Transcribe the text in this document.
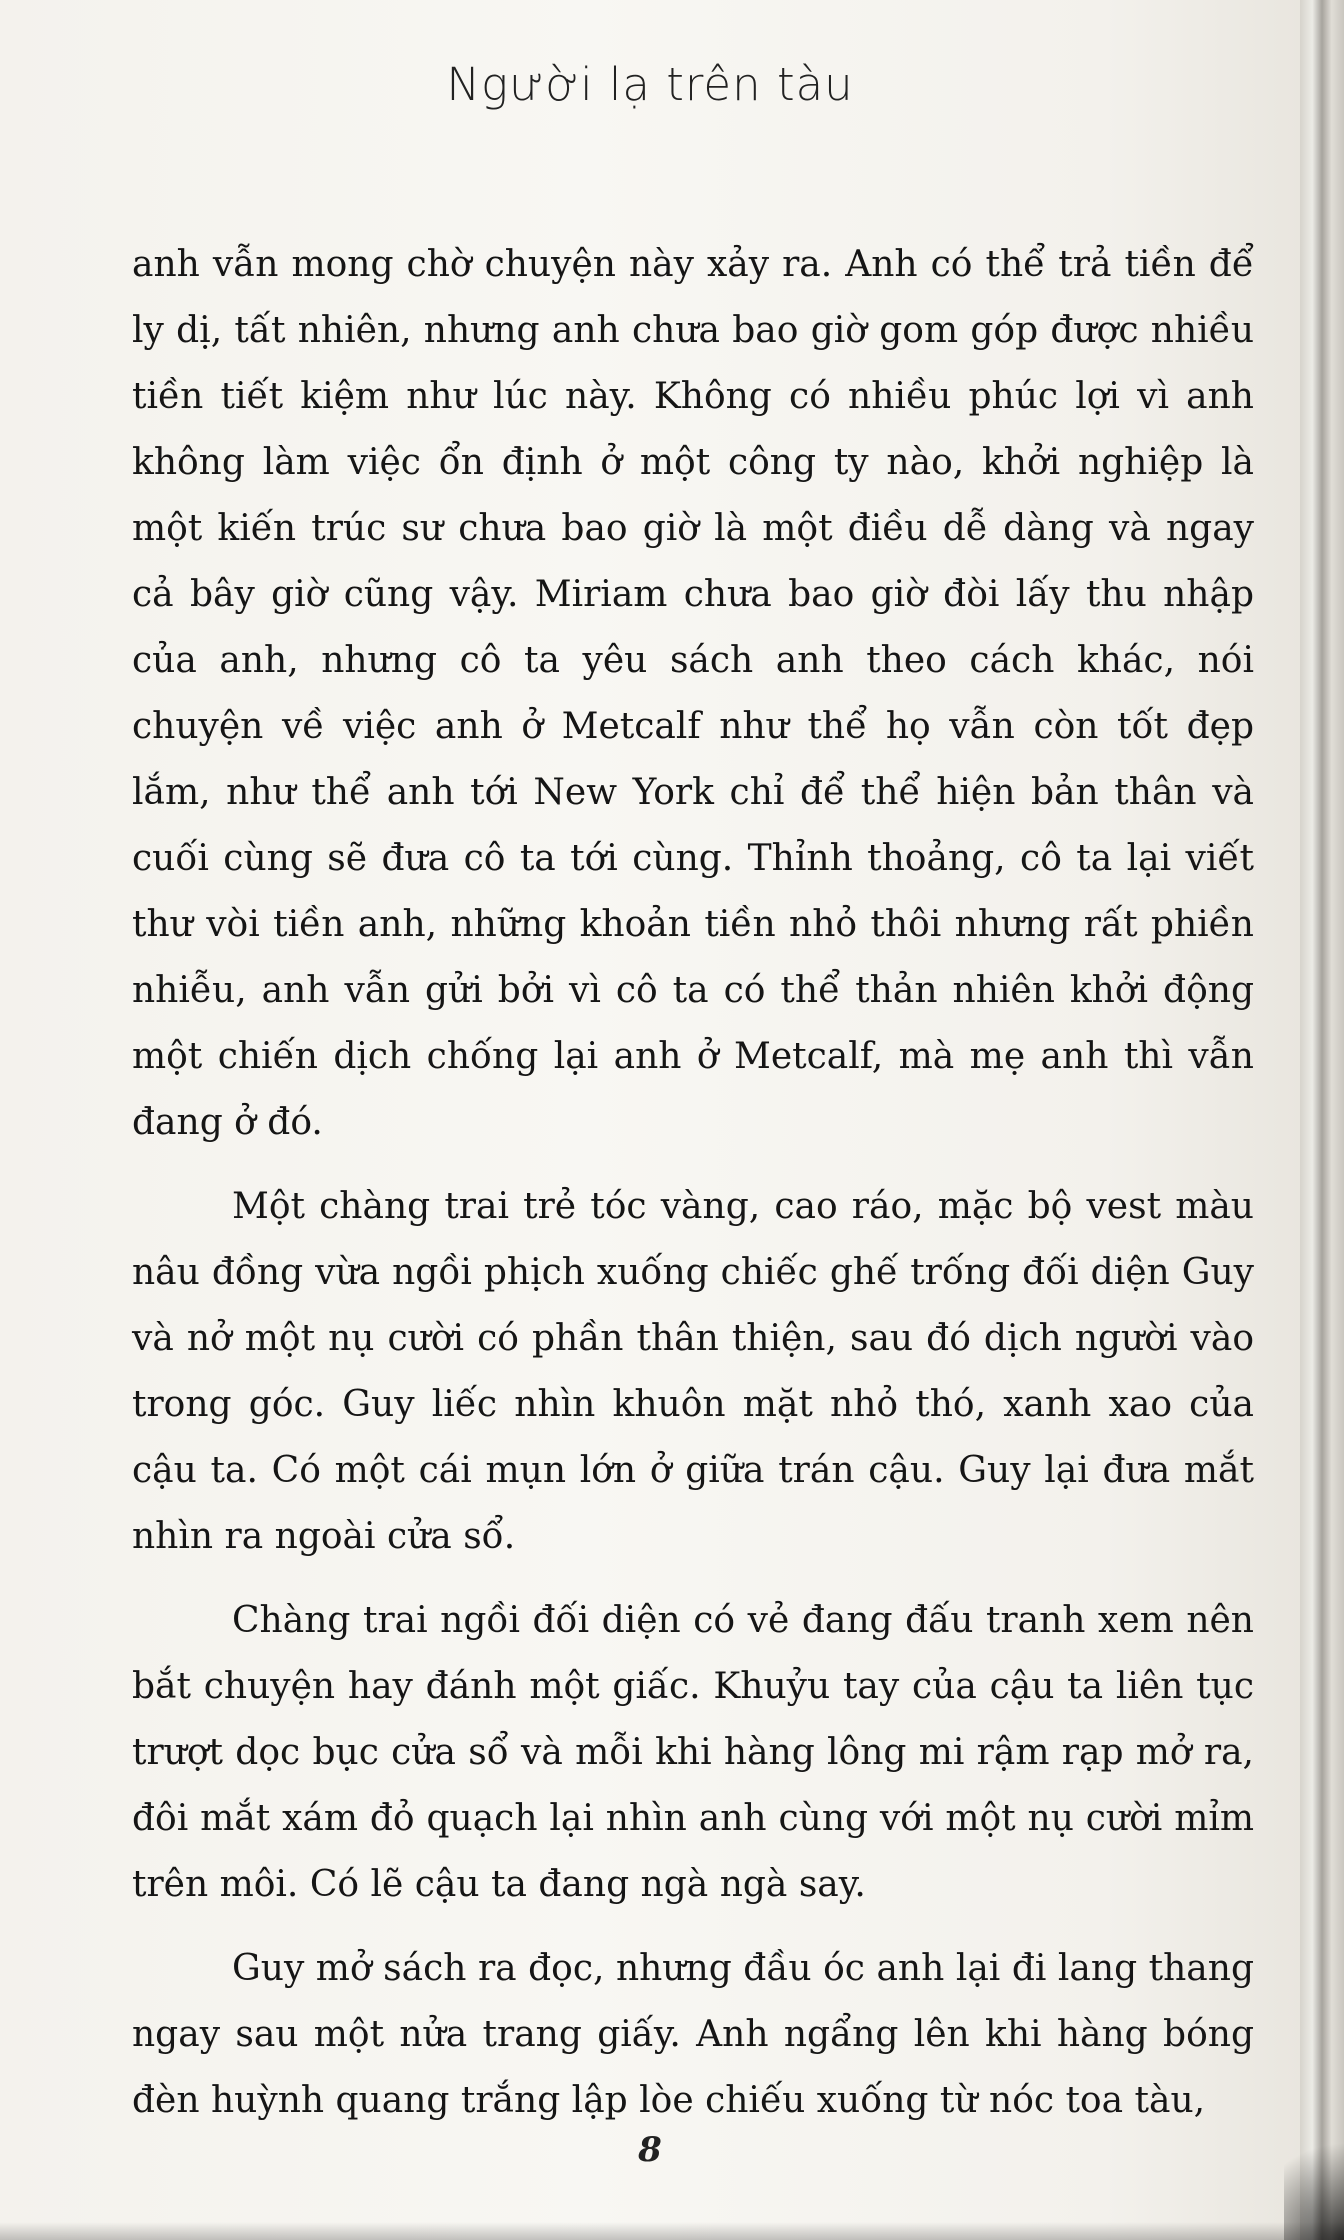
Người lạ trên tàu

anh vẫn mong chờ chuyện này xảy ra. Anh có thể trả tiền để ly dị, tất nhiên, nhưng anh chưa bao giờ gom góp được nhiều tiền tiết kiệm như lúc này. Không có nhiều phúc lợi vì anh không làm việc ổn định ở một công ty nào, khởi nghiệp là một kiến trúc sư chưa bao giờ là một điều dễ dàng và ngay cả bây giờ cũng vậy. Miriam chưa bao giờ đòi lấy thu nhập của anh, nhưng cô ta yêu sách anh theo cách khác, nói chuyện về việc anh ở Metcalf như thể họ vẫn còn tốt đẹp lắm, như thể anh tới New York chỉ để thể hiện bản thân và cuối cùng sẽ đưa cô ta tới cùng. Thỉnh thoảng, cô ta lại viết thư vòi tiền anh, những khoản tiền nhỏ thôi nhưng rất phiền nhiễu, anh vẫn gửi bởi vì cô ta có thể thản nhiên khởi động một chiến dịch chống lại anh ở Metcalf, mà mẹ anh thì vẫn đang ở đó.

Một chàng trai trẻ tóc vàng, cao ráo, mặc bộ vest màu nâu đồng vừa ngồi phịch xuống chiếc ghế trống đối diện Guy và nở một nụ cười có phần thân thiện, sau đó dịch người vào trong góc. Guy liếc nhìn khuôn mặt nhỏ thó, xanh xao của cậu ta. Có một cái mụn lớn ở giữa trán cậu. Guy lại đưa mắt nhìn ra ngoài cửa sổ.

Chàng trai ngồi đối diện có vẻ đang đấu tranh xem nên bắt chuyện hay đánh một giấc. Khuỷu tay của cậu ta liên tục trượt dọc bục cửa sổ và mỗi khi hàng lông mi rậm rạp mở ra, đôi mắt xám đỏ quạch lại nhìn anh cùng với một nụ cười mỉm trên môi. Có lẽ cậu ta đang ngà ngà say.

Guy mở sách ra đọc, nhưng đầu óc anh lại đi lang thang ngay sau một nửa trang giấy. Anh ngẩng lên khi hàng bóng đèn huỳnh quang trắng lập lòe chiếu xuống từ nóc toa tàu,

8
